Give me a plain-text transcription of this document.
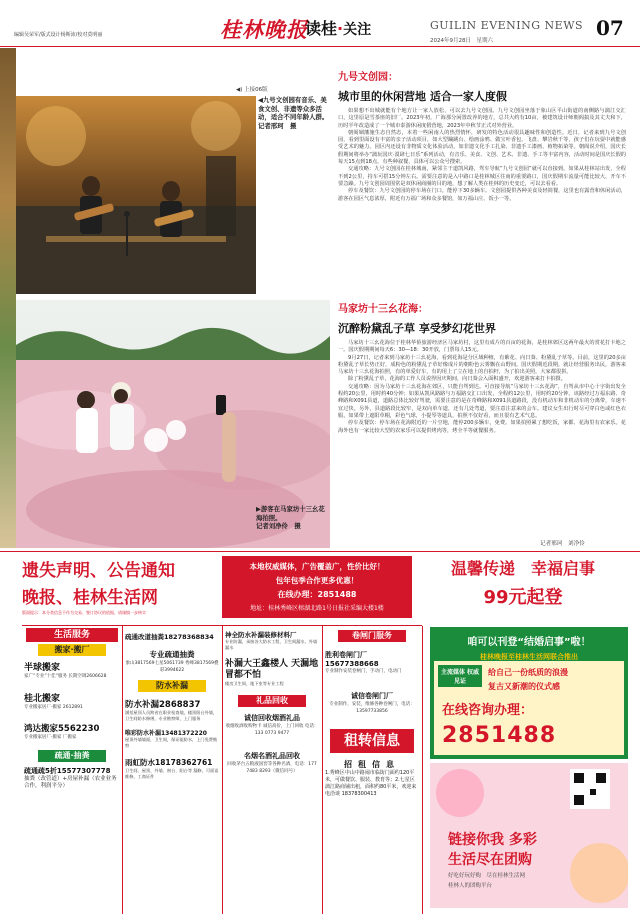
编辑吴荣军/版式设计杨斯沛/校对莫明丽	桂林晚报
读桂·关注	GUILIN EVENING NEWS
2024年9月28日　星期六
07
◀) 上接06版
◀九号文创园有音乐、美食文创、非遗等众多活动，适合不同年龄人群。
记者邢珂　摄
▶游客在马家坊十三幺花海拍照。
记者刘净伶　摄
九号文创园：
城市里的休闲营地 适合一家人度假

如果想不出城就能有个地方让一家人放松，可以去九号文创园。九号文创园坐落于象山区平山街道的南侧路与漓江交汇口，这里原是雪茶座的旧厂。2023年初，广海那分闲置改养的地方，总共大约有10亩，被建筑设计师朝阁搞及其丈夫和下，历时半年改造成了一个城市泰游休闲度假营地，2023年中秋节正式对外营业。

朝阁姻藩施生态自然态，本着一些闲南人的热烈情怀，研发的特色活动很具趣味性和创造性。近日，记者来到九号文创园，看到里面设有丰富的亲子活动项目，如大型蹦跳台、绘画涂鸦、做宝叶香包、飞盘、攀岩秋千等，孩子们在玩耍中就能感受艺术的魅力。园区内还设有非物质文化体验活动，如非遗文化手工扎染、非遗手工漆画、植物拓染等。朝阁说介绍，国庆长假期间将举办“漓玩国庆·漠肆七日乐”系列活动，有音乐、美食、文创、艺术、非遗、手工等丰富内容，活动时间是国庆长假的每天15点到18点，有些种叙餐，具体可以公众号搜索。

交通攻略：九号文创园在桂林城南，紧邻主干道凯风路，驾车导航“九号文创园”就可以直接到。如果从桂林站出发，全程不到2公里，持车可搭15分钟左右。需要注意的是入中路口是桂林城区往南的重要路口，国庆假期车流量可能比较大，开车不要急躁。九号文创园周围常是双休闲商圈的目的地，想了解人类在桂林的历史变迁，可以去看看。

停车及餐饮：九号文创园的停车场在门口，能停下30多辆车。文创园提供各种美食及轻简餐，这里也有露营和休闲活动，游客在园区气息浓厚，附近有万福广场和众多餐馆，如万福山庄、饭小一等。

马家坊十三幺花海：
沉醉粉黛乱子草 享受梦幻花世界

马家坊十三幺花海位于桂林华侨旅游经济区马家坊村，这里有成片的百亩的花海，是桂林郊区这两年最火的赏花打卡地之一。国庆假期期间每天6：30—18：30开放，门票每人15元。

9月27日，记者来到马家坊十三幺花海，看到花海是分区域种植，有紫花、向日葵、粉黛乱子草等。目前，这里的20多亩粉黛乱子草长势正好，成粉色的粉黛乱子草好像成片的朝粉色云雾飘在山野间。国庆假期近段期，就让经营服务出民，游客来马家坊十三幺花海拍照，有的单爱好车，有的用上了立在地上的自拍杆，为了拍出美照，大家都很拼。

除了粉黛乱子草，花海的工作人员说得因庆期间，向日葵会入面积盛开，欢迎游客来打卡拍摄。

交通攻略：因为马家坊十三幺花海在郊区，只能自驾到达。可直接导航“马家坊十三幺花海”，自驾从市中心十字街出发全程约20公里，用时约40分钟；如果从凯风路路与万福路交汇口出发，全程约12公里，用时约20分钟。该路经过万福东路、奇峰路和X091县道，道路总体比较好驾驶，需要注意的是在奇峰路和X091县道路段，没有机动车和非机动车的分离带，车速不宜过快。另外，县道路段比较窄，是双向单车道，还有几处弯道，要注意注意来的会车。建议女生出行时尽可穿白色或红色衣服，如果带上遮阳草帽，彩色气球，小提琴等道具，拍照不仅好看，而且很有艺术气息。

停车及餐饮：停车场在花海附近的一片空地，能停200多辆车，免费。如果拍照累了想吃饭，家都、花海里有农家乐。花海外也有一家比较大型的农家乐可以提供烤肉等，烤全羊等就餐服务。

记者邢珂　刘净伶
遗失声明、公告通知
晚报、桂林生活网
版面提示：本分类信息不作为交易、签订协议的依据，请谨慎一步核实
本地权威媒体，广告覆盖广，性价比好！
包年包季合作更多优惠！
在线办理：2851488
地址：桂林秀峰区榕湖北路1号日报社采编大楼1楼
温馨传递　幸福启事
99元起登
生活服务
搬家·搬厂
半球搬家
家广“专业”十佳“服务 长期空调2606628
桂北搬家
专业搬家居厂·搬家 2612891
鸿达搬家5562230
专业搬家居厂·搬家 厂搬家
疏通·抽粪
疏通疏5折15577307778
抽粪（改管道）+房屋补漏（农业业务合作，利润平分）
疏通改道抽粪18278368834
专业疏通抽粪
象山3817569七星5061739 秀峰3817569叠彩3994622
防水补漏
防水补漏2868837
涵括屋顶人员跨省在职业检查地，楼顶阳台外墙，卫生间防水修缮，专业勘察师，上门服务
唯彩防水补漏13481372220
屋顶外墙墙面，卫生间，保证能防水，上门免费勘察
雨虹防水18178362761
卫生间、屋顶、外墙、窗台、阳台等 漏修，可面谈维修，工商证件
神全防水补漏装修材料厂
专业防漏，承接各大防水工程，卫生间漏水，外墙漏水
补漏大王鑫楼人 天漏地冒都不怕
楼房卫生间、地下室等专业工程
礼品回收
诚信回收烟酒礼品
收烟收酒收购物卡 诚信高价，上门回收 电话：133 0773 9477
名烟名酒礼品回收
回收茅台五粮液国窖等各种名酒，电话：177 7483 8293（微信同号）
卷闸门服务
胜利卷闸门厂15677388668
专业制作安装卷闸门，手动门，电动门
诚信卷闸门厂
专业制作，安装，维修各种卷闸门，电话：13597733856
租转信息
招租信息
1.秀峰区中山中路闹市临街门面约120平米，可做餐饮、服装、教育等；2.七星区漓江路商铺出租，面积约80平米，欢迎来电洽谈 18378300413
咱可以刊登“结婚启事”啦！
桂林晚报至桂林生活网联合推出
主流媒体 权威见证
给自己一份纸质的浪漫
复古又新潮的仪式感
在线咨询办理：
2851488
链接你我 多彩
生活尽在团购
好吃好玩好购　尽在桂林生活网
桂林人的团购平台
